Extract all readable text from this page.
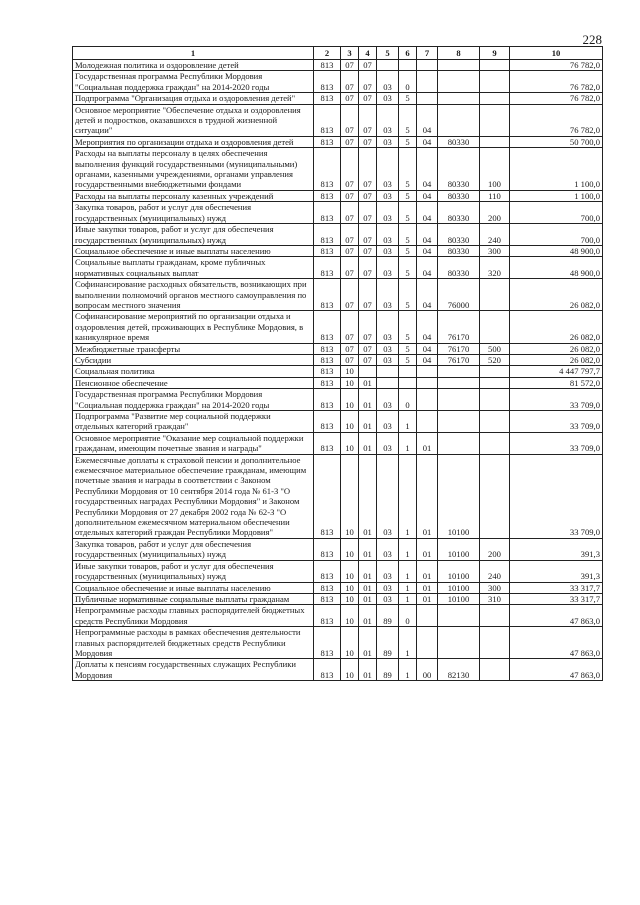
228
1	2	3	4	5	6	7	8	9	10
Молодежная политика и оздоровление детей	813	07	07						76 782,0
Государственная программа Республики Мордовия "Социальная поддержка граждан" на 2014-2020 годы	813	07	07	03	0				76 782,0
Подпрограмма "Организация отдыха и оздоровления детей"	813	07	07	03	5				76 782,0
Основное мероприятие "Обеспечение отдыха и оздоровления детей и подростков, оказавшихся в трудной жизненной ситуации"	813	07	07	03	5	04			76 782,0
Мероприятия по организации отдыха и оздоровления детей	813	07	07	03	5	04	80330		50 700,0
Расходы на выплаты персоналу в целях обеспечения выполнения функций государственными (муниципальными) органами, казенными учреждениями, органами управления государственными внебюджетными фондами	813	07	07	03	5	04	80330	100	1 100,0
Расходы на выплаты персоналу казенных учреждений	813	07	07	03	5	04	80330	110	1 100,0
Закупка товаров, работ и услуг для обеспечения государственных (муниципальных) нужд	813	07	07	03	5	04	80330	200	700,0
Иные закупки товаров, работ и услуг для обеспечения государственных (муниципальных) нужд	813	07	07	03	5	04	80330	240	700,0
Социальное обеспечение и иные выплаты населению	813	07	07	03	5	04	80330	300	48 900,0
Социальные выплаты гражданам, кроме публичных нормативных социальных выплат	813	07	07	03	5	04	80330	320	48 900,0
Софинансирование расходных обязательств, возникающих при выполнении полномочий органов местного самоуправления по вопросам местного значения	813	07	07	03	5	04	76000		26 082,0
Софинансирование мероприятий по организации отдыха и оздоровления детей, проживающих в Республике Мордовия, в каникулярное время	813	07	07	03	5	04	76170		26 082,0
Межбюджетные трансферты	813	07	07	03	5	04	76170	500	26 082,0
Субсидии	813	07	07	03	5	04	76170	520	26 082,0
Социальная политика	813	10							4 447 797,7
Пенсионное обеспечение	813	10	01						81 572,0
Государственная программа Республики Мордовия "Социальная поддержка граждан" на 2014-2020 годы	813	10	01	03	0				33 709,0
Подпрограмма "Развитие мер социальной поддержки отдельных категорий граждан"	813	10	01	03	1				33 709,0
Основное мероприятие "Оказание мер социальной поддержки гражданам, имеющим почетные звания и награды"	813	10	01	03	1	01			33 709,0
Ежемесячные доплаты к страховой пенсии и дополнительное ежемесячное материальное обеспечение гражданам, имеющим почетные звания и награды в соответствии с Законом Республики Мордовия от 10 сентября 2014 года № 61-З "О государственных наградах Республики Мордовия" и Законом Республики Мордовия от 27 декабря 2002 года № 62-З "О дополнительном ежемесячном материальном обеспечении отдельных категорий граждан Республики Мордовия"	813	10	01	03	1	01	10100		33 709,0
Закупка товаров, работ и услуг для обеспечения государственных (муниципальных) нужд	813	10	01	03	1	01	10100	200	391,3
Иные закупки товаров, работ и услуг для обеспечения государственных (муниципальных) нужд	813	10	01	03	1	01	10100	240	391,3
Социальное обеспечение и иные выплаты населению	813	10	01	03	1	01	10100	300	33 317,7
Публичные нормативные социальные выплаты гражданам	813	10	01	03	1	01	10100	310	33 317,7
Непрограммные расходы главных распорядителей бюджетных средств Республики Мордовия	813	10	01	89	0				47 863,0
Непрограммные расходы в рамках обеспечения деятельности главных распорядителей бюджетных средств Республики Мордовия	813	10	01	89	1				47 863,0
Доплаты к пенсиям государственных служащих Республики Мордовия	813	10	01	89	1	00	82130		47 863,0
